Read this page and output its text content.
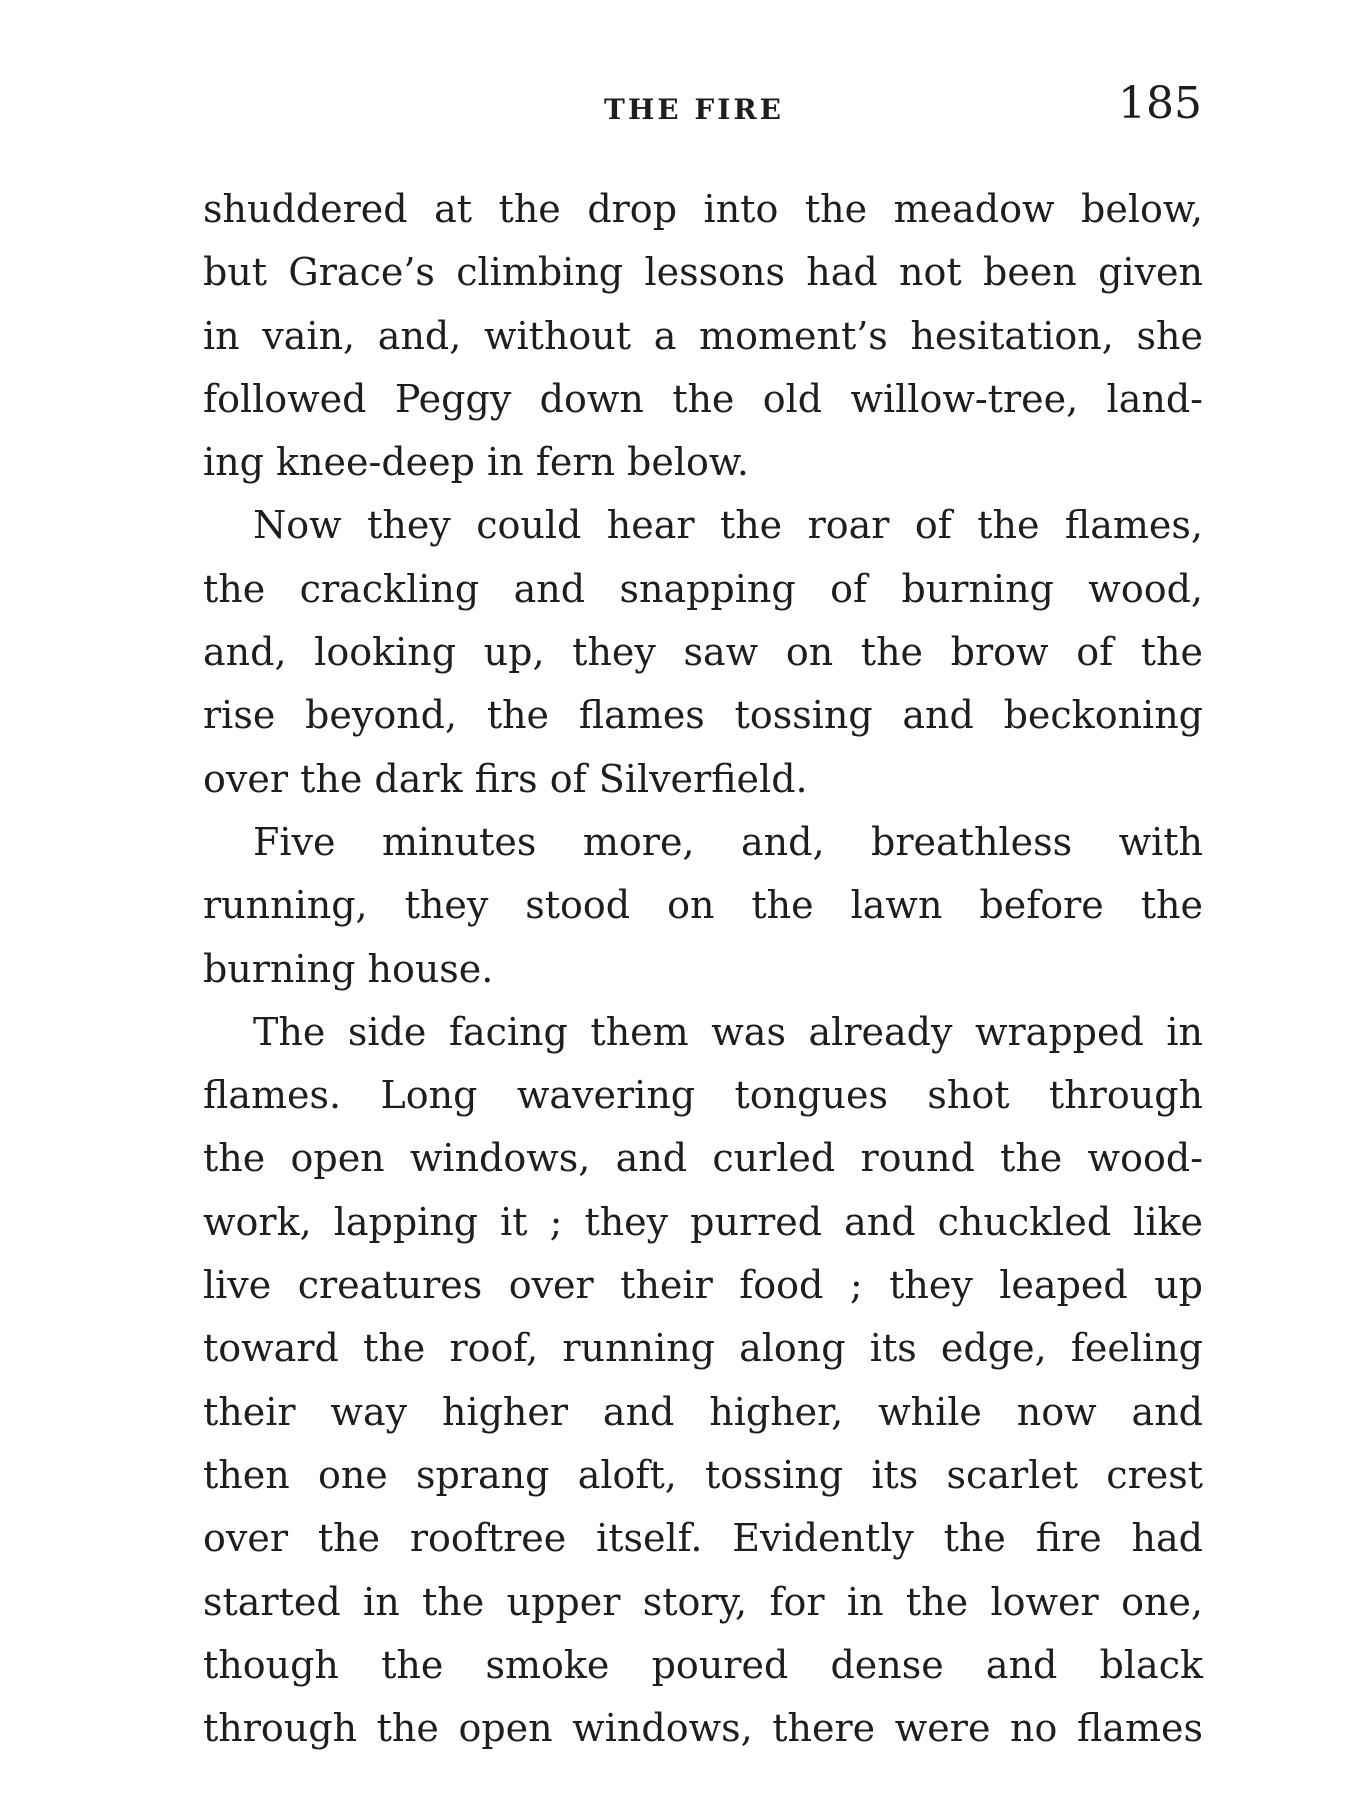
THE FIRE	185

shuddered at the drop into the meadow below,
but Grace’s climbing lessons had not been given
in vain, and, without a moment’s hesitation, she
followed Peggy down the old willow-tree, land-
ing knee-deep in fern below.

Now they could hear the roar of the flames,
the crackling and snapping of burning wood,
and, looking up, they saw on the brow of the
rise beyond, the flames tossing and beckoning
over the dark firs of Silverfield.

Five minutes more, and, breathless with
running, they stood on the lawn before the
burning house.

The side facing them was already wrapped in
flames. Long wavering tongues shot through
the open windows, and curled round the wood-
work, lapping it ; they purred and chuckled like
live creatures over their food ; they leaped up
toward the roof, running along its edge, feeling
their way higher and higher, while now and
then one sprang aloft, tossing its scarlet crest
over the rooftree itself. Evidently the fire had
started in the upper story, for in the lower one,
though the smoke poured dense and black
through the open windows, there were no flames
